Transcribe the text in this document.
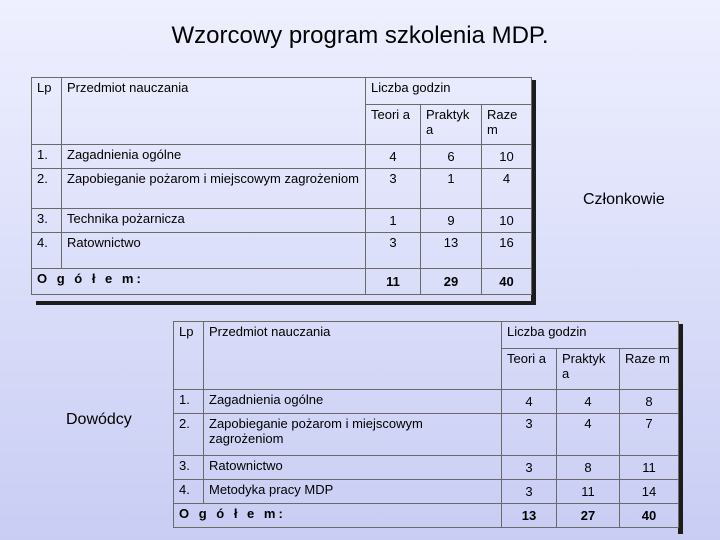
Wzorcowy program szkolenia MDP.
Członkowie
Dowódcy
Lp	Przedmiot nauczania	Liczba godzin		
		Teori a	Praktyk a	Raze m
1.	Zagadnienia ogólne	4	6	10
2.	Zapobieganie pożarom i miejscowym zagrożeniom	3	1	4
3.	Technika pożarnicza	1	9	10
4.	Ratownictwo	3	13	16
O g ó ł e m:		11	29	40
Lp	Przedmiot nauczania	Liczba godzin		
		Teori a	Praktyk a	Raze m
1.	Zagadnienia ogólne	4	4	8
2.	Zapobieganie pożarom i miejscowym zagrożeniom	3	4	7
3.	Ratownictwo	3	8	11
4.	Metodyka pracy MDP	3	11	14
O g ó ł e m:		13	27	40
